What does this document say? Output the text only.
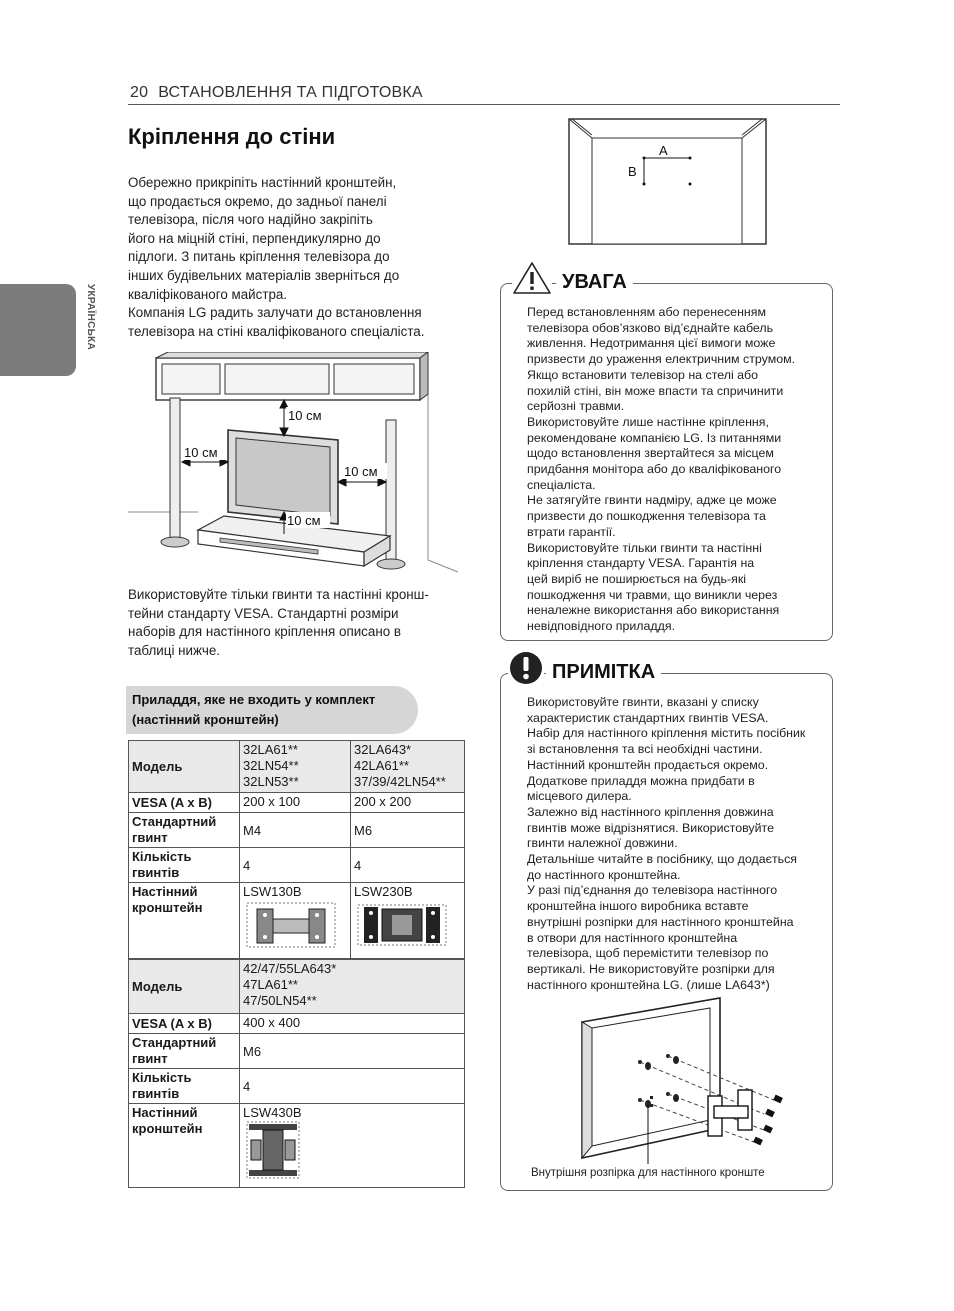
20 ВСТАНОВЛЕННЯ ТА ПІДГОТОВКА
УКРАЇНСЬКА
Кріплення до стіни
Обережно прикріпіть настінний кронштейн,
що продається окремо, до задньої панелі
телевізора, після чого надійно закріпіть
його на міцній стіні, перпендикулярно до
підлоги. З питань кріплення телевізора до
інших будівельних матеріалів зверніться до
кваліфікованого майстра.
Компанія LG радить залучати до встановлення
телевізора на стіні кваліфікованого спеціаліста.
10 см
10 см
10 см
10 см
Використовуйте тільки гвинти та настінні кронш-
тейни стандарту VESA. Стандартні розміри
наборів для настінного кріплення описано в
таблиці нижче.
Приладдя, яке не входить у комплект
(настінний кронштейн)
Модель	32LA61**
32LN54**
32LN53**	32LA643*
42LA61**
37/39/42LN54**

VESA (A x B)	200 x 100	200 x 200
Стандартний
гвинт	M4	M6
Кількість
гвинтів	4	4
Настінний
кронштейн	LSW130B	LSW230B
Модель	42/47/55LA643*
47LA61**
47/50LN54**

VESA (A x B)	400 x 400
Стандартний
гвинт	M6
Кількість
гвинтів	4
Настінний
кронштейн	LSW430B
A
B
УВАГА
Перед встановленням або перенесенням
телевізора обов’язково від’єднайте кабель
живлення. Недотримання цієї вимоги може
призвести до ураження електричним струмом.
Якщо встановити телевізор на стелі або
похилій стіні, він може впасти та спричинити
серйозні травми.
Використовуйте лише настінне кріплення,
рекомендоване компанією LG. Із питаннями
щодо встановлення звертайтеся за місцем
придбання монітора або до кваліфікованого
спеціаліста.
Не затягуйте гвинти надміру, адже це може
призвести до пошкодження телевізора та
втрати гарантії.
Використовуйте тільки гвинти та настінні
кріплення стандарту VESA. Гарантія на
цей виріб не поширюється на будь-які
пошкодження чи травми, що виникли через
неналежне використання або використання
невідповідного приладдя.
ПРИМІТКА
Використовуйте гвинти, вказані у списку
характеристик стандартних гвинтів VESA.
Набір для настінного кріплення містить посібник
зі встановлення та всі необхідні частини.
Настінний кронштейн продається окремо.
Додаткове приладдя можна придбати в
місцевого дилера.
Залежно від настінного кріплення довжина
гвинтів може відрізнятися. Використовуйте
гвинти належної довжини.
Детальніше читайте в посібнику, що додається
до настінного кронштейна.
У разі під’єднання до телевізора настінного
кронштейна іншого виробника вставте
внутрішні розпірки для настінного кронштейна
в отвори для настінного кронштейна
телевізора, щоб перемістити телевізор по
вертикалі. Не використовуйте розпірки для
настінного кронштейна LG. (лише LA643*)
Внутрішня розпірка для настінного кронште
